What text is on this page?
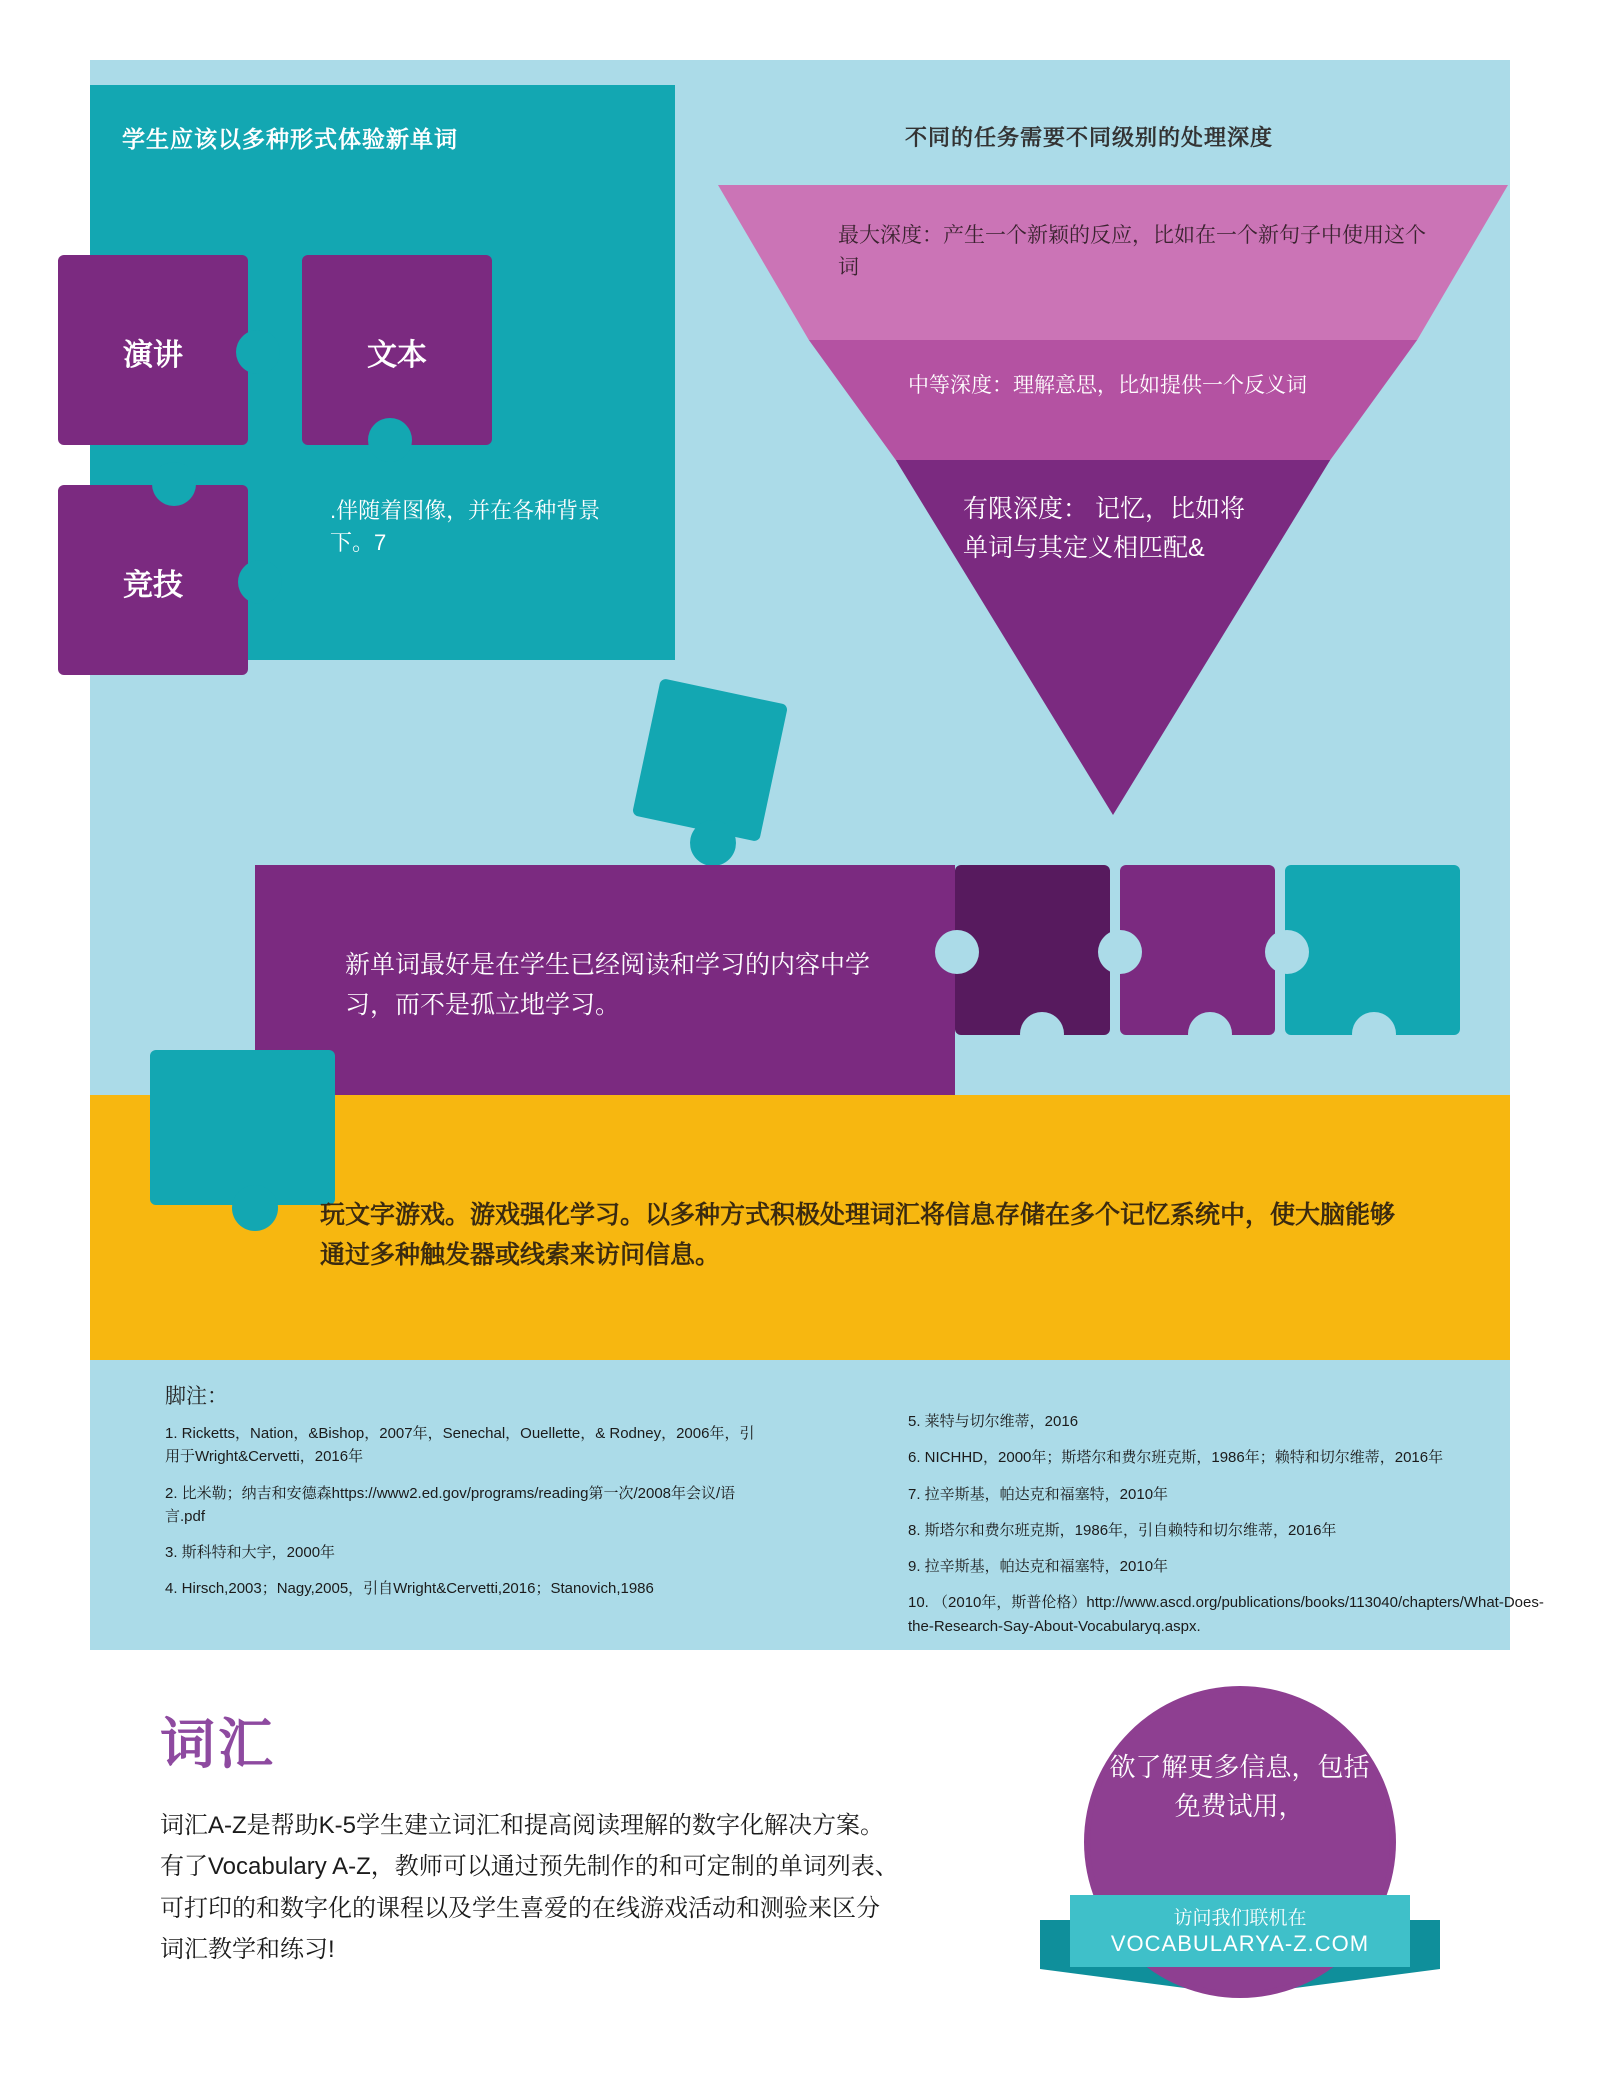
学生应该以多种形式体验新单词
演讲	文本
竞技
.伴随着图像，并在各种背景下。7
不同的任务需要不同级别的处理深度
最大深度：产生一个新颖的反应，比如在一个新句子中使用这个词
中等深度：理解意思，比如提供一个反义词
有限深度： 记忆，比如将单词与其定义相匹配&
新单词最好是在学生已经阅读和学习的内容中学习，而不是孤立地学习。
玩文字游戏。游戏强化学习。以多种方式积极处理词汇将信息存储在多个记忆系统中，使大脑能够通过多种触发器或线索来访问信息。
脚注：
1. Ricketts，Nation，&Bishop，2007年，Senechal，Ouellette，& Rodney，2006年，引用于Wright&Cervetti，2016年
2. 比米勒；纳吉和安德森https://www2.ed.gov/programs/reading第一次/2008年会议/语言.pdf
3. 斯科特和大宇，2000年
4. Hirsch,2003；Nagy,2005，引自Wright&Cervetti,2016；Stanovich,1986
5. 莱特与切尔维蒂，2016
6. NICHHD，2000年；斯塔尔和费尔班克斯，1986年；赖特和切尔维蒂，2016年
7. 拉辛斯基，帕达克和福塞特，2010年
8. 斯塔尔和费尔班克斯，1986年，引自赖特和切尔维蒂，2016年
9. 拉辛斯基，帕达克和福塞特，2010年
10. （2010年，斯普伦格）http://www.ascd.org/publications/books/113040/chapters/What-Does-the-Research-Say-About-Vocabularyq.aspx.
词汇
词汇A-Z是帮助K-5学生建立词汇和提高阅读理解的数字化解决方案。有了Vocabulary A-Z，教师可以通过预先制作的和可定制的单词列表、可打印的和数字化的课程以及学生喜爱的在线游戏活动和测验来区分词汇教学和练习!
欲了解更多信息，包括免费试用，
访问我们联机在
VOCABULARYA-Z.COM
